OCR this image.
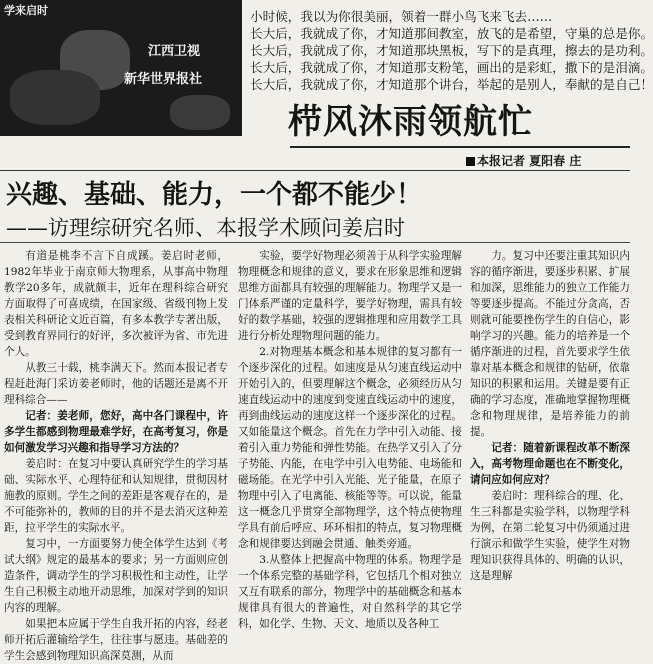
学来启时
江西卫视
新华世界报社
小时候，我以为你很美丽，领着一群小鸟飞来飞去……
长大后，我就成了你，才知道那间教室，放飞的是希望，守巢的总是你。
长大后，我就成了你，才知道那块黑板，写下的是真理，擦去的是功利。
长大后，我就成了你，才知道那支粉笔，画出的是彩虹，撒下的是泪滴。
长大后，我就成了你，才知道那个讲台，举起的是别人，奉献的是自己！
栉风沐雨领航忙
本报记者 夏阳春 庄
兴趣、基础、能力，一个都不能少！
——访理综研究名师、本报学术顾问姜启时

有道是桃李不言下自成蹊。姜启时老师，1982年毕业于南京师大物理系，从事高中物理教学20多年，成就颇丰，近年在理科综合研究方面取得了可喜成绩，在国家级、省级刊物上发表相关科研论文近百篇，有多本教学专著出版，受到教育界同行的好评，多次被评为省、市先进个人。

从教三十载，桃李满天下。然而本报记者专程赶赴海门采访姜老师时，他的话题还是离不开理科综合——

记者：姜老师，您好，高中各门课程中，许多学生都感到物理最难学好，在高考复习，你是如何激发学习兴趣和指导学习方法的？

姜启时：在复习中要认真研究学生的学习基础、实际水平、心理特征和认知规律，贯彻因材施教的原则。学生之间的差距是客观存在的，是不可能弥补的，教师的目的并不是去消灭这种差距，拉平学生的实际水平。

复习中，一方面要努力使全体学生达到《考试大纲》规定的最基本的要求；另一方面则应创造条件，调动学生的学习积极性和主动性，让学生自己积极主动地开动思维，加深对学到的知识内容的理解。

如果把本应属于学生自我开拓的内容，经老师开拓后灌输给学生，往往事与愿违。基础差的学生会感到物理知识高深莫测，从而

实验，要学好物理必须善于从科学实验理解物理概念和规律的意义，要求在形象思维和逻辑思维方面都具有较强的理解能力。物理学又是一门体系严谨的定量科学，要学好物理，需具有较好的数学基础，较强的逻辑推理和应用数学工具进行分析处理物理问题的能力。

2.对物理基本概念和基本规律的复习都有一个逐步深化的过程。如速度是从匀速直线运动中开始引入的，但要理解这个概念，必须经历从匀速直线运动中的速度到变速直线运动中的速度，再到曲线运动的速度这样一个逐步深化的过程。又如能量这个概念。首先在力学中引入动能、接着引入重力势能和弹性势能。在热学又引入了分子势能、内能，在电学中引入电势能、电场能和磁场能。在光学中引入光能、光子能量，在原子物理中引入了电离能、核能等等。可以说，能量这一概念几乎贯穿全部物理学，这个特点使物理学具有前后呼应、环环相扣的特点，复习物理概念和规律要达到融会贯通、触类旁通。

3.从整体上把握高中物理的体系。物理学是一个体系完整的基础学科，它包括几个相对独立又互有联系的部分，物理学中的基础概念和基本规律具有很大的普遍性，对自然科学的其它学科，如化学、生物、天文、地质以及各种工

力。复习中还要注重其知识内容的循序渐进，要逐步积累、扩展和加深，思维能力的独立工作能力等要逐步提高。不能过分贪高，否则就可能要挫伤学生的自信心，影响学习的兴趣。能力的培养是一个循序渐进的过程，首先要求学生依靠对基本概念和规律的钻研，依靠知识的积累和运用。关键是要有正确的学习态度，准确地掌握物理概念和物理规律，是培养能力的前提。

记者：随着新课程改革不断深入，高考物理命题也在不断变化，请问应如何应对？

姜启时：理科综合的理、化、生三科都是实验学科，以物理学科为例，在第二轮复习中仍须通过进行演示和做学生实验，使学生对物理知识获得具体的、明确的认识，这是理解
